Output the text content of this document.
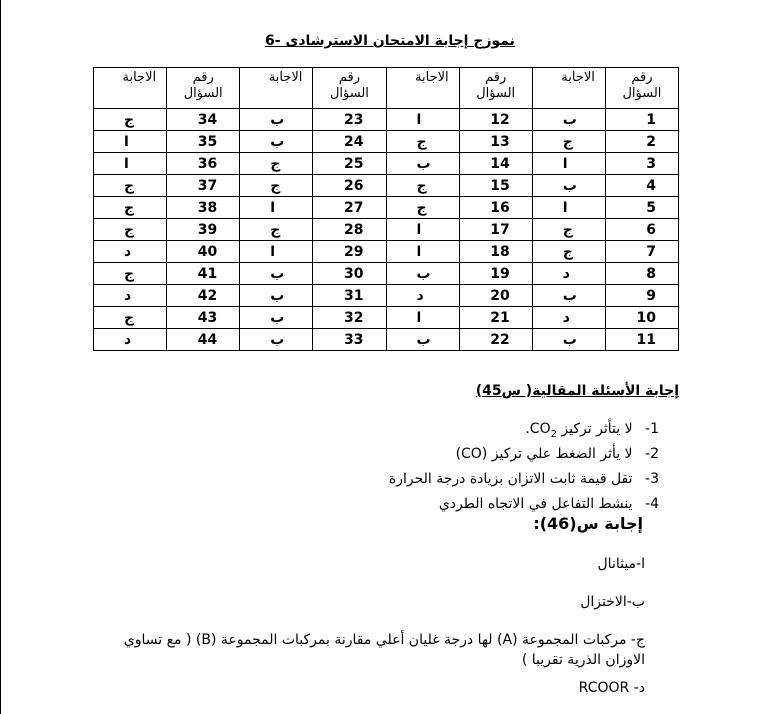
نموزج إجابة الامتحان الاسترشادى -6
رقم السؤال	الاجابة	رقم السؤال	الاجابة	رقم السؤال	الاجابة	رقم السؤال	الاجابة
1	ب	12	ا	23	ب	34	ج
2	ج	13	ج	24	ب	35	ا
3	ا	14	ب	25	ج	36	ا
4	ب	15	ج	26	ج	37	ج
5	ا	16	ج	27	ا	38	ج
6	ج	17	ا	28	ج	39	ج
7	ج	18	ا	29	ا	40	د
8	د	19	ب	30	ب	41	ج
9	ب	20	د	31	ب	42	د
10	د	21	ا	32	ب	43	ج
11	ب	22	ب	33	ب	44	د
إجابة الأسئلة المقالية( س45)
1- لا يتأثر تركيز $CO_2$.
2- لا يأثر الضغط علي تركيز (CO)
3- تقل قيمة ثابت الاتزان بزيادة درجة الحرارة
4- ينشط التفاعل في الاتجاه الطردي
إجابة س(46):
ا-ميثانال
ب-الاختزال
ج- مركبات المجموعة (A) لها درجة غليان أعلي مقارنة بمركبات المجموعة (B) ( مع تساوي الاوزان الذرية تقريبا )
د- RCOOR
